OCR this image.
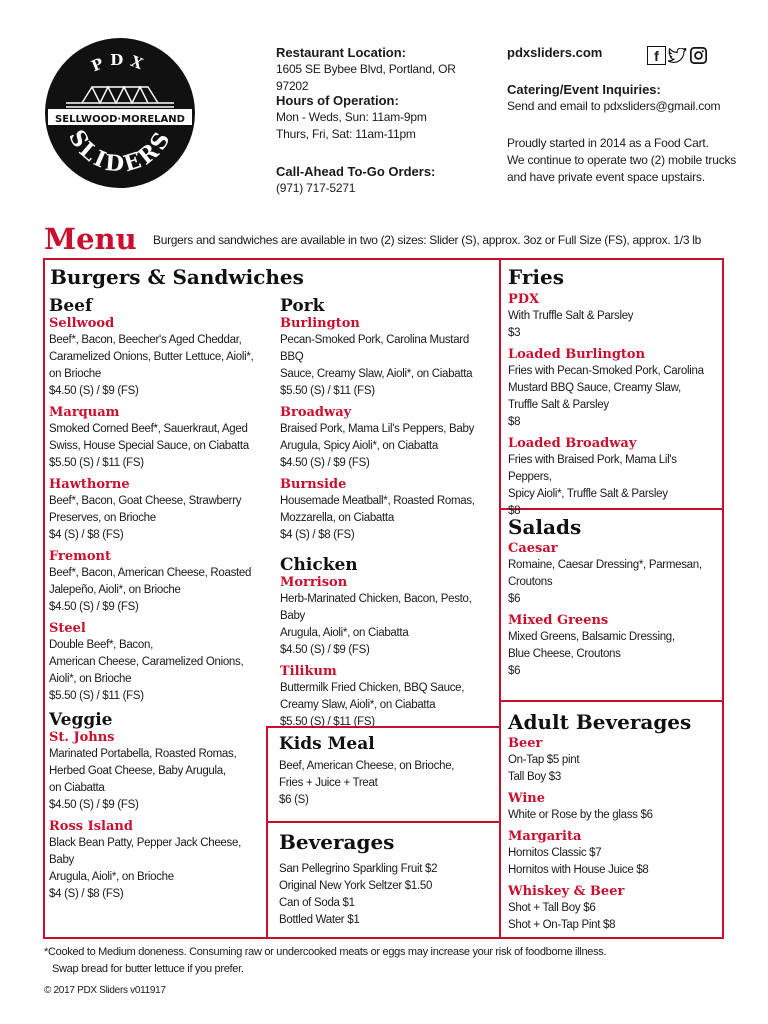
PDX
SELLWOOD·MORELAND
SLIDERS
Restaurant Location:
1605 SE Bybee Blvd, Portland, OR 97202
Hours of Operation:
Mon - Weds, Sun: 11am-9pm
Thurs, Fri, Sat: 11am-11pm
Call-Ahead To-Go Orders:
(971) 717-5271
pdxsliders.com	f
Catering/Event Inquiries:
Send and email to pdxsliders@gmail.com
Proudly started in 2014 as a Food Cart.
We continue to operate two (2) mobile trucks
and have private event space upstairs.
Menu Burgers and sandwiches are available in two (2) sizes: Slider (S), approx. 3oz or Full Size (FS), approx. 1/3 lb
Burgers & Sandwiches
Beef
Sellwood
Beef*, Bacon, Beecher's Aged Cheddar,
Caramelized Onions, Butter Lettuce, Aioli*,
on Brioche
$4.50 (S) / $9 (FS)
Marquam
Smoked Corned Beef*, Sauerkraut, Aged
Swiss, House Special Sauce, on Ciabatta
$5.50 (S) / $11 (FS)
Hawthorne
Beef*, Bacon, Goat Cheese, Strawberry
Preserves, on Brioche
$4 (S) / $8 (FS)
Fremont
Beef*, Bacon, American Cheese, Roasted
Jalepeño, Aioli*, on Brioche
$4.50 (S) / $9 (FS)
Steel
Double Beef*, Bacon,
American Cheese, Caramelized Onions,
Aioli*, on Brioche
$5.50 (S) / $11 (FS)
Veggie
St. Johns
Marinated Portabella, Roasted Romas,
Herbed Goat Cheese, Baby Arugula,
on Ciabatta
$4.50 (S) / $9 (FS)
Ross Island
Black Bean Patty, Pepper Jack Cheese, Baby
Arugula, Aioli*, on Brioche
$4 (S) / $8 (FS)
Pork
Burlington
Pecan-Smoked Pork, Carolina Mustard BBQ
Sauce, Creamy Slaw, Aioli*, on Ciabatta
$5.50 (S) / $11 (FS)
Broadway
Braised Pork, Mama Lil's Peppers, Baby
Arugula, Spicy Aioli*, on Ciabatta
$4.50 (S) / $9 (FS)
Burnside
Housemade Meatball*, Roasted Romas,
Mozzarella, on Ciabatta
$4 (S) / $8 (FS)
Chicken
Morrison
Herb-Marinated Chicken, Bacon, Pesto, Baby
Arugula, Aioli*, on Ciabatta
$4.50 (S) / $9 (FS)
Tilikum
Buttermilk Fried Chicken, BBQ Sauce,
Creamy Slaw, Aioli*, on Ciabatta
$5.50 (S) / $11 (FS)
Kids Meal
Beef, American Cheese, on Brioche,
Fries + Juice + Treat
$6 (S)
Beverages
San Pellegrino Sparkling Fruit $2
Original New York Seltzer $1.50
Can of Soda $1
Bottled Water $1
Fries
PDX
With Truffle Salt & Parsley
$3
Loaded Burlington
Fries with Pecan-Smoked Pork, Carolina
Mustard BBQ Sauce, Creamy Slaw,
Truffle Salt & Parsley
$8
Loaded Broadway
Fries with Braised Pork, Mama Lil's Peppers,
Spicy Aioli*, Truffle Salt & Parsley
$8
Salads
Caesar
Romaine, Caesar Dressing*, Parmesan,
Croutons
$6
Mixed Greens
Mixed Greens, Balsamic Dressing,
Blue Cheese, Croutons
$6
Adult Beverages
Beer
On-Tap $5 pint
Tall Boy $3
Wine
White or Rose by the glass $6
Margarita
Hornitos Classic $7
Hornitos with House Juice $8
Whiskey & Beer
Shot + Tall Boy $6
Shot + On-Tap Pint $8
*Cooked to Medium doneness. Consuming raw or undercooked meats or eggs may increase your risk of foodborne illness.
Swap bread for butter lettuce if you prefer.
© 2017 PDX Sliders v011917
